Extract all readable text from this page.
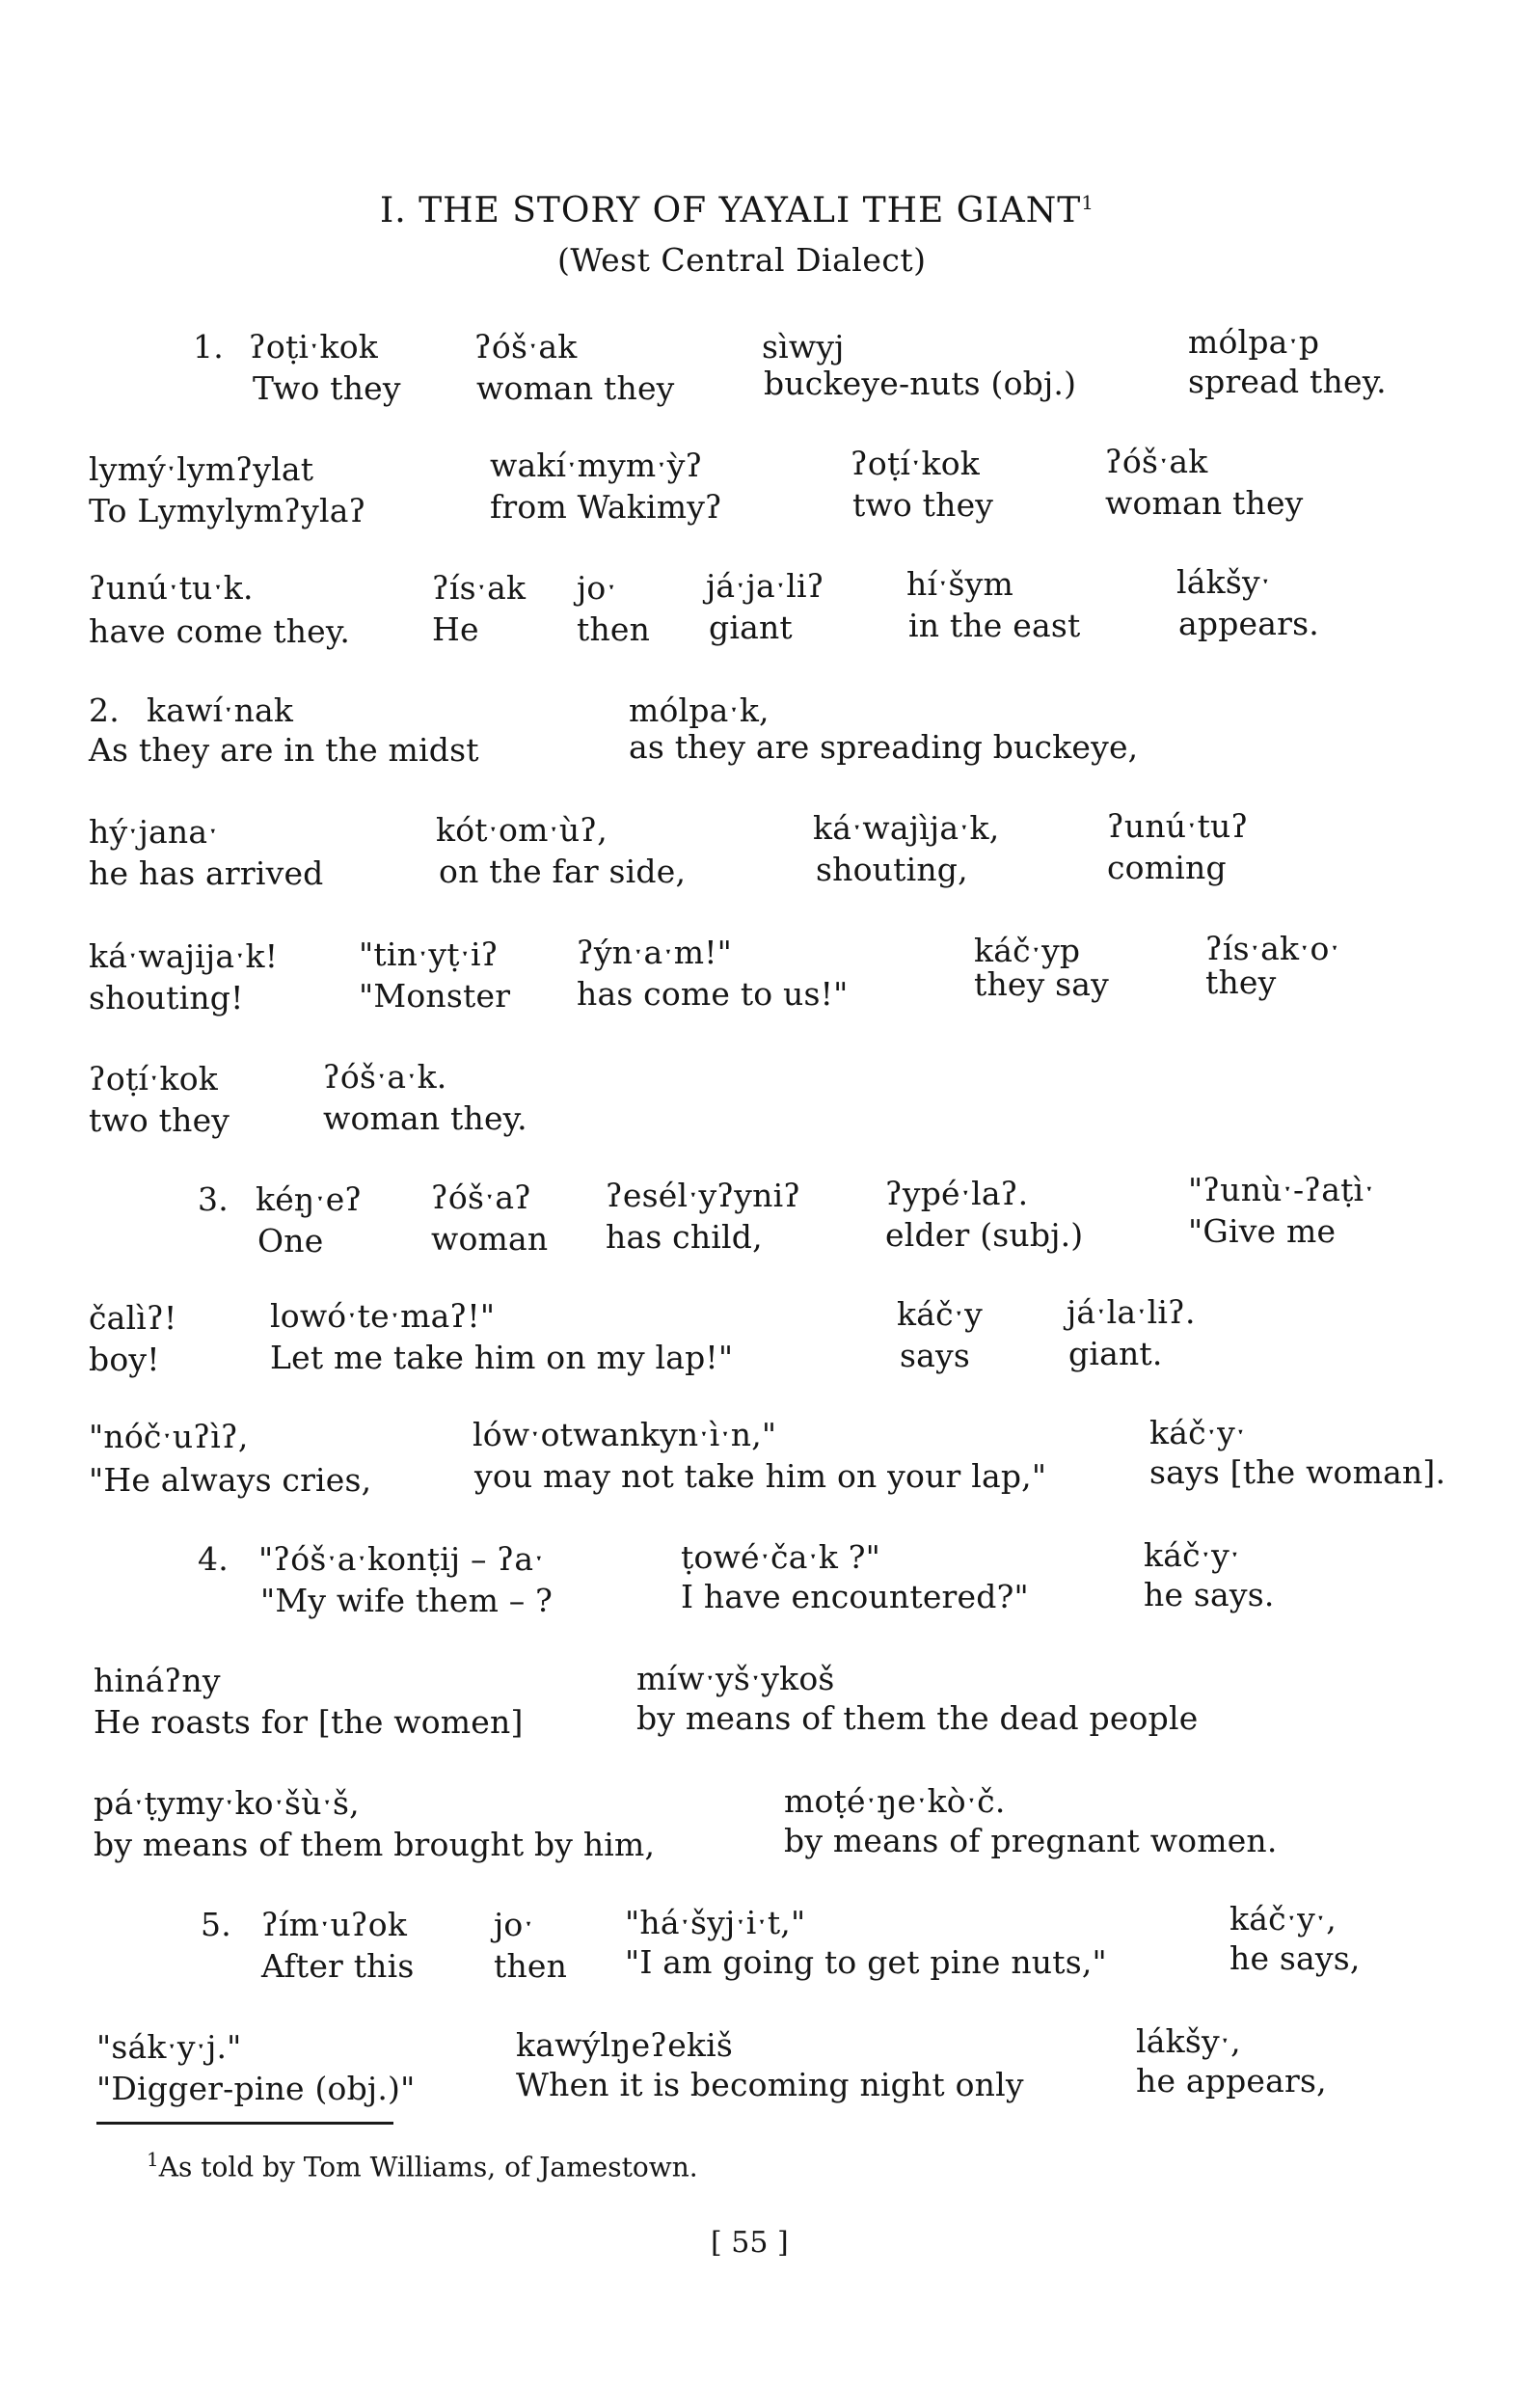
I. THE STORY OF YAYALI THE GIANT$^1$
(West Central Dialect)
1. ʔoṭiˑkok
Two they
ʔóšˑak
woman they
sìwyj
buckeye-nuts (obj.)
mólpaˑp
spread they.
lymýˑlymʔylat
To Lymylymʔylaʔ
wakíˑmymˑỳʔ
from Wakimyʔ
ʔoṭíˑkok
two they
ʔóšˑak
woman they
ʔunúˑtuˑk.
have come they.
ʔísˑak
He
joˑ
then
jáˑjaˑliʔ
giant
híˑšym
in the east
lákšyˑ
appears.
2. kawíˑnak
As they are in the midst
mólpaˑk,
as they are spreading buckeye,
hýˑjanaˑ
he has arrived
kótˑomˑùʔ,
on the far side,
káˑwajìjaˑk,
shouting,
ʔunúˑtuʔ
coming
káˑwajijaˑk!
shouting!
"tinˑyṭˑiʔ
"Monster
ʔýnˑaˑm!"
has come to us!"
káčˑyp
they say
ʔísˑakˑoˑ
they
ʔoṭíˑkok
two they
ʔóšˑaˑk.
woman they.
3. kéŋˑeʔ
One
ʔóšˑaʔ
woman
ʔesélˑyʔyniʔ
has child,
ʔypéˑlaʔ.
elder (subj.)
"ʔunùˑ-ʔaṭìˑ
"Give me
čalìʔ!
boy!
lowóˑteˑmaʔ!"
Let me take him on my lap!"
káčˑy
says
jáˑlaˑliʔ.
giant.
"nóčˑuʔìʔ,
"He always cries,
lówˑotwankynˑìˑn,"
you may not take him on your lap,"
káčˑyˑ
says [the woman].
4. "ʔóšˑaˑkonṭij – ʔaˑ
"My wife them – ?
ṭowéˑčaˑk ?"
I have encountered?"
káčˑyˑ
he says.
hináʔny
He roasts for [the women]
míwˑyšˑykoš
by means of them the dead people
páˑṭymyˑkoˑšùˑš,
by means of them brought by him,
moṭéˑŋeˑkòˑč.
by means of pregnant women.
5. ʔímˑuʔok
After this
joˑ
then
"háˑšyjˑiˑt,"
"I am going to get pine nuts,"
káčˑyˑ,
he says,
"sákˑyˑj."
"Digger-pine (obj.)"
kawýlŋeʔekiš
When it is becoming night only
lákšyˑ,
he appears,
$^1$As told by Tom Williams, of Jamestown.
[ 55 ]
